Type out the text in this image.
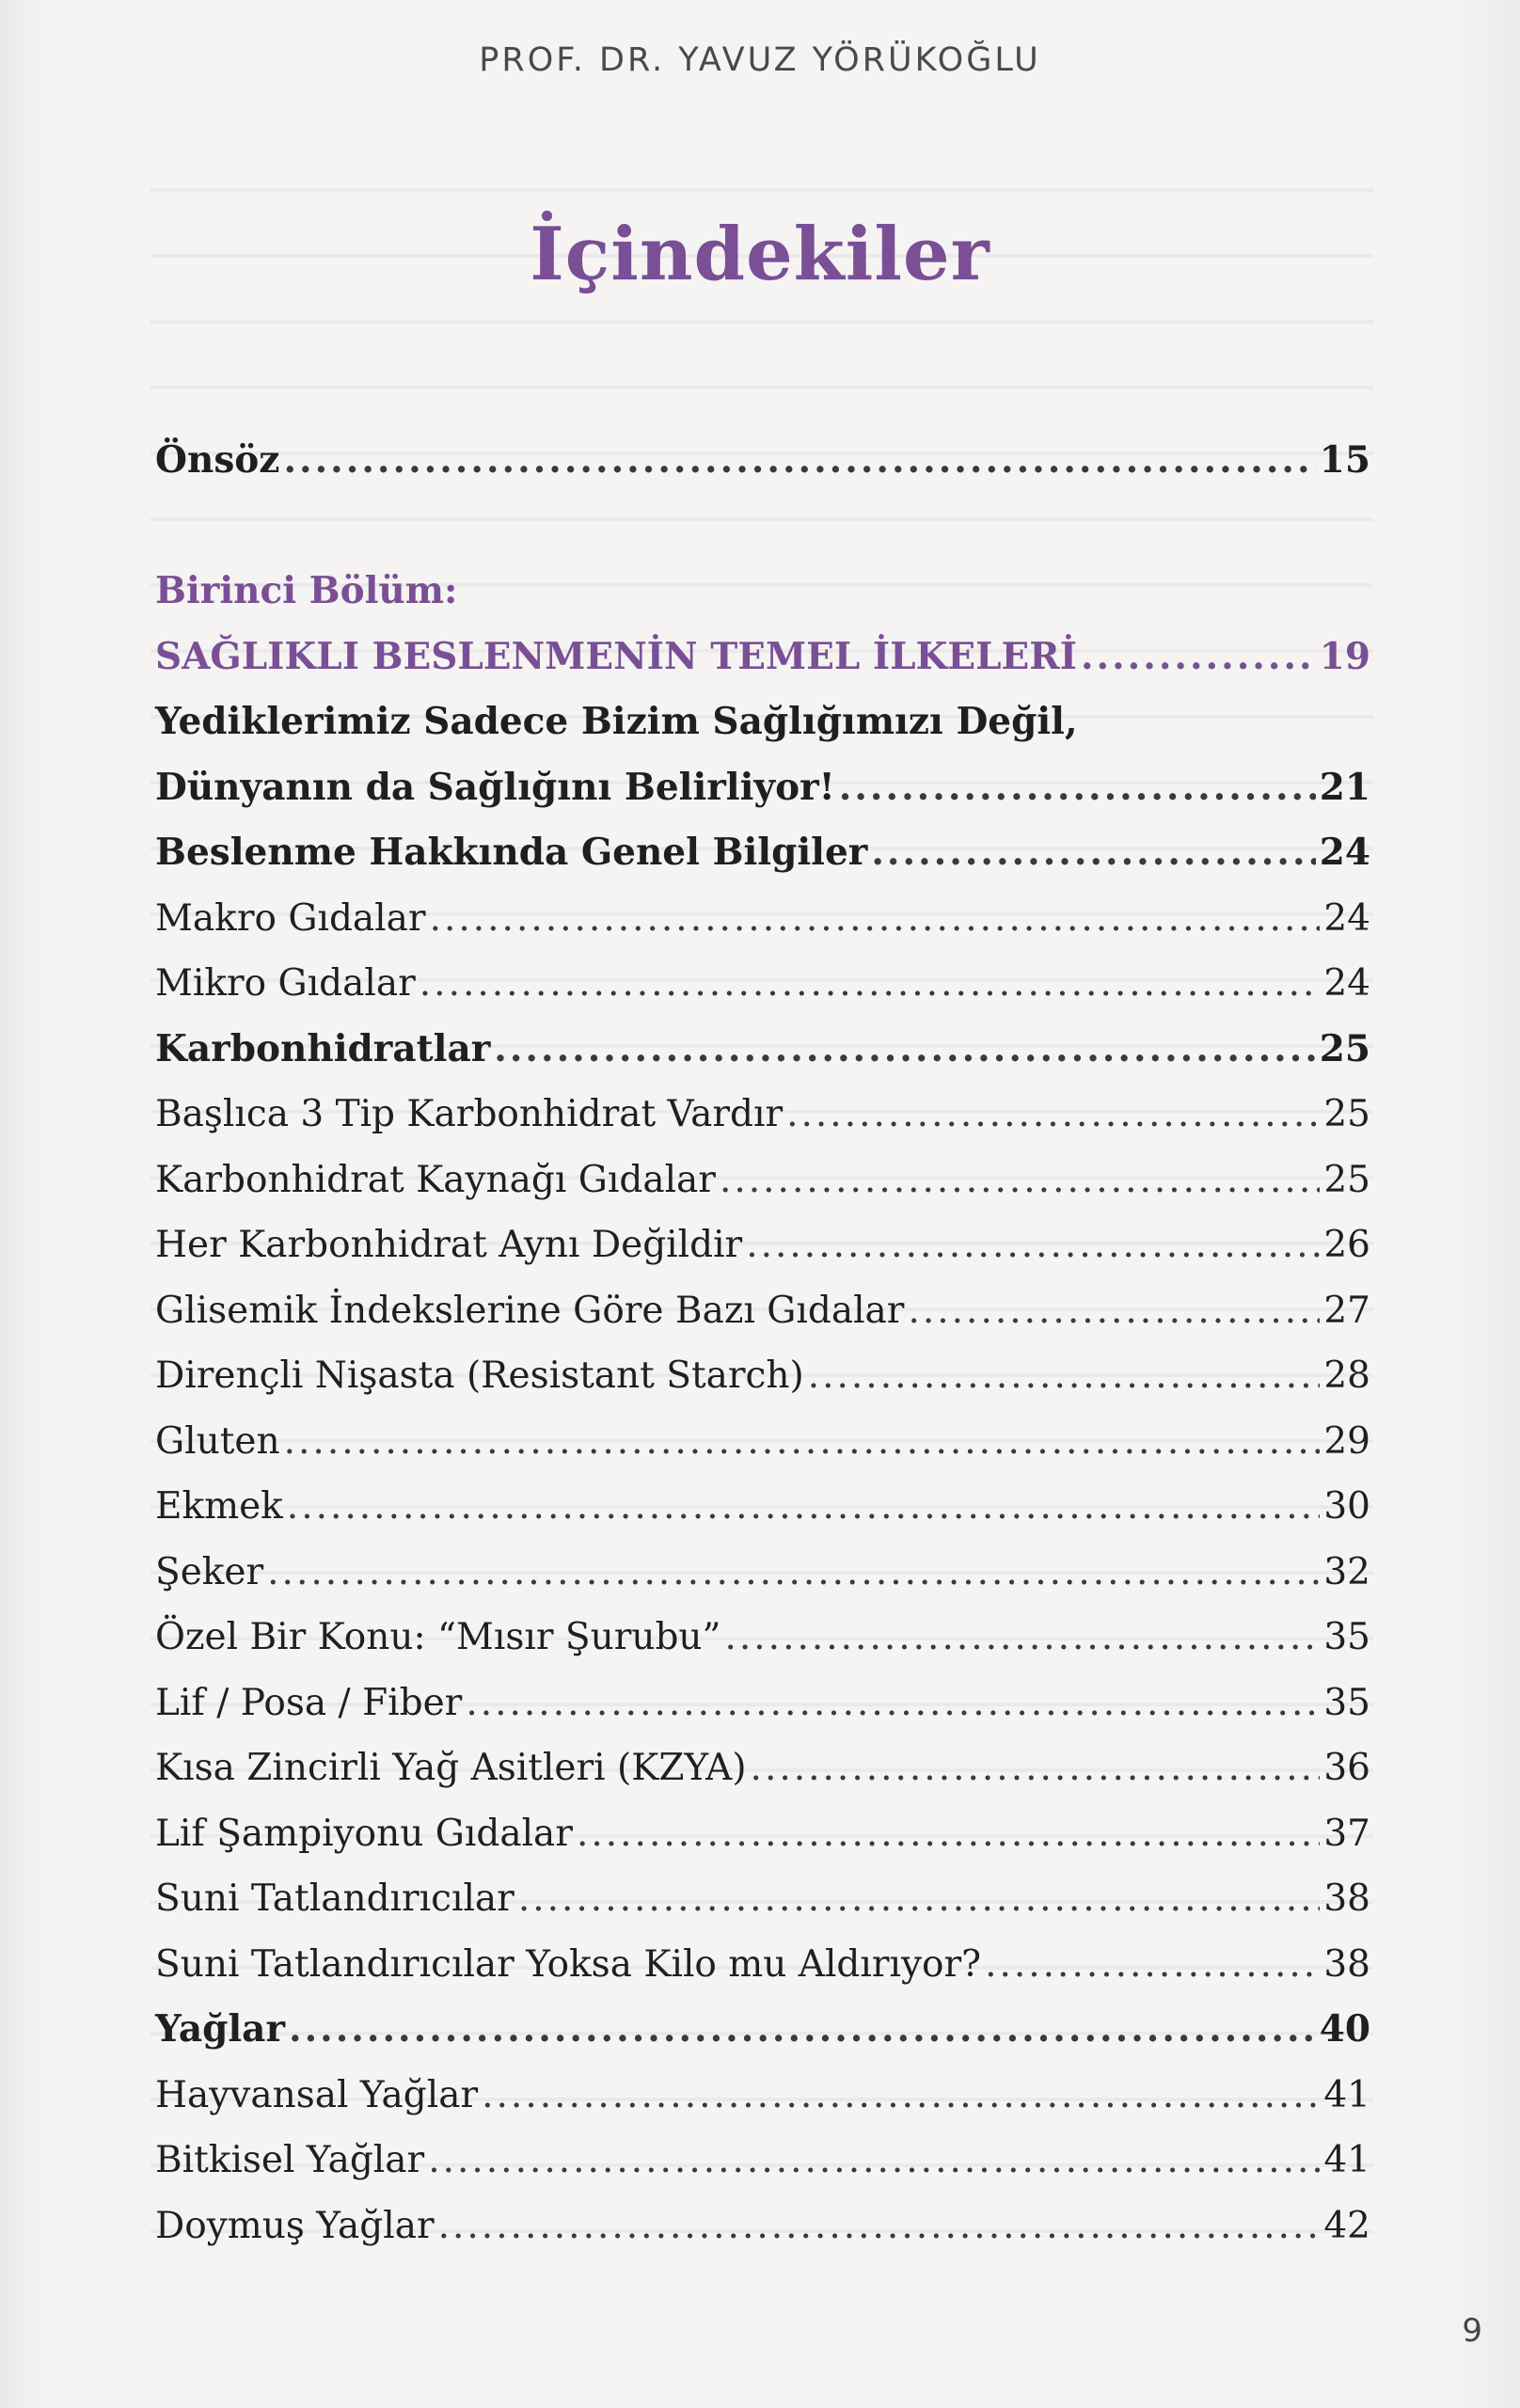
PROF. DR. YAVUZ YÖRÜKOĞLU
İçindekiler
Önsöz .....	15
Birinci Bölüm:
SAĞLIKLI BESLENMENİN TEMEL İLKELERİ .....	19
Yediklerimiz Sadece Bizim Sağlığımızı Değil,
Dünyanın da Sağlığını Belirliyor! .....	21
Beslenme Hakkında Genel Bilgiler .....	24
Makro Gıdalar .....	24
Mikro Gıdalar .....	24
Karbonhidratlar .....	25
Başlıca 3 Tip Karbonhidrat Vardır .....	25
Karbonhidrat Kaynağı Gıdalar .....	25
Her Karbonhidrat Aynı Değildir .....	26
Glisemik İndekslerine Göre Bazı Gıdalar .....	27
Dirençli Nişasta (Resistant Starch) .....	28
Gluten .....	29
Ekmek .....	30
Şeker .....	32
Özel Bir Konu: “Mısır Şurubu” .....	35
Lif / Posa / Fiber .....	35
Kısa Zincirli Yağ Asitleri (KZYA) .....	36
Lif Şampiyonu Gıdalar .....	37
Suni Tatlandırıcılar .....	38
Suni Tatlandırıcılar Yoksa Kilo mu Aldırıyor? .....	38
Yağlar .....	40
Hayvansal Yağlar .....	41
Bitkisel Yağlar .....	41
Doymuş Yağlar .....	42
9
